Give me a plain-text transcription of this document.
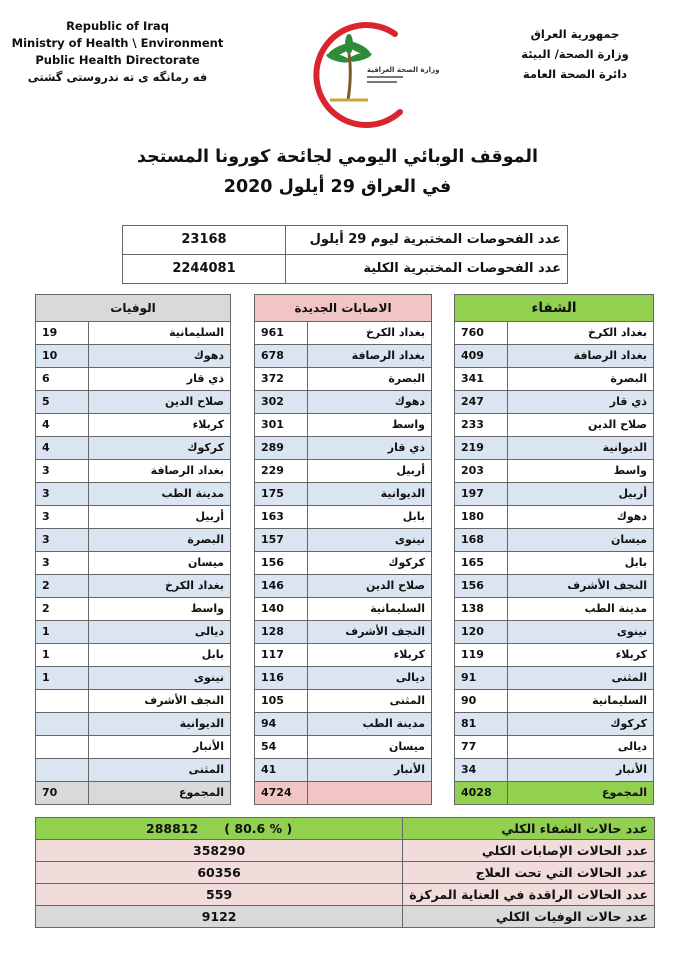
Republic of Iraq
Ministry of Health \ Environment
Public Health Directorate
فه رمانگه ی ته ندروستی گشتی	وزارة الصحة العراقية
جمهورية العراق
وزارة الصحة/ البيئة
دائرة الصحة العامة
الموقف الوبائي اليومي لجائحة كورونا المستجد
في العراق 29 أيلول 2020
23168	عدد الفحوصات المختبرية ليوم 29 أيلول
2244081	عدد الفحوصات المختبرية الكلية
الوفيات	
19	السليمانية
10	دهوك
6	ذي قار
5	صلاح الدين
4	كربلاء
4	كركوك
3	بغداد الرصافة
3	مدينة الطب
3	أربيل
3	البصرة
3	ميسان
2	بغداد الكرخ
2	واسط
1	ديالى
1	بابل
1	نينوى
	النجف الأشرف
	الديوانية
	الأنبار
	المثنى
70	المجموع
الاصابات الجديدة	
961	بغداد الكرخ
678	بغداد الرصافة
372	البصرة
302	دهوك
301	واسط
289	ذي قار
229	أربيل
175	الديوانية
163	بابل
157	نينوى
156	كركوك
146	صلاح الدين
140	السليمانية
128	النجف الأشرف
117	كربلاء
116	ديالى
105	المثنى
94	مدينة الطب
54	ميسان
41	الأنبار
4724	
الشفاء	
760	بغداد الكرخ
409	بغداد الرصافة
341	البصرة
247	ذي قار
233	صلاح الدين
219	الديوانية
203	واسط
197	أربيل
180	دهوك
168	ميسان
165	بابل
156	النجف الأشرف
138	مدينة الطب
120	نينوى
119	كربلاء
91	المثنى
90	السليمانية
81	كركوك
77	ديالى
34	الأنبار
4028	المجموع
288812      ( 80.6 % )	عدد حالات الشفاء الكلي
358290	عدد الحالات الإصابات الكلي
60356	عدد الحالات التي تحت العلاج
559	عدد الحالات الراقدة في العناية المركزة
9122	عدد حالات الوفيات الكلي
